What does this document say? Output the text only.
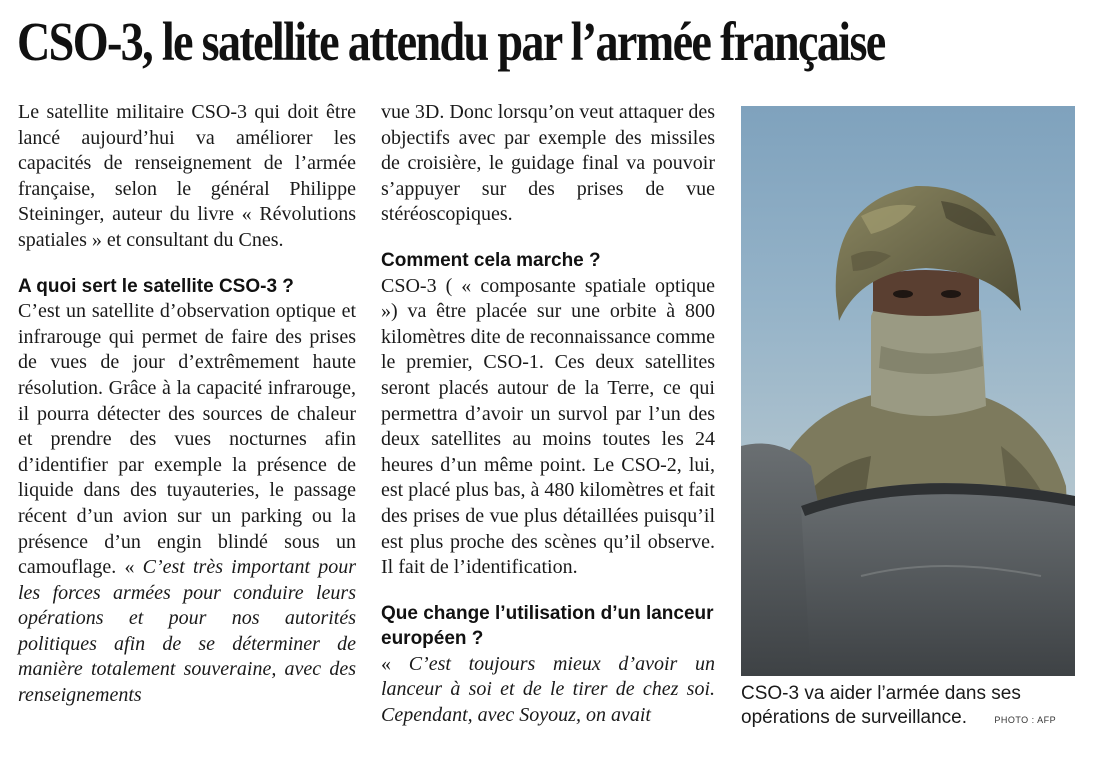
CSO-3, le satellite attendu par l’armée française

Le satellite militaire CSO-3 qui doit être lancé aujourd’hui va améliorer les capacités de renseignement de l’armée française, selon le général Philippe Steininger, auteur du livre « Révolutions spatiales » et consultant du Cnes.

A quoi sert le satellite CSO-3 ?

C’est un satellite d’observation optique et infrarouge qui permet de faire des prises de vues de jour d’extrêmement haute résolution. Grâce à la capacité infrarouge, il pourra détecter des sources de chaleur et prendre des vues nocturnes afin d’identifier par exemple la présence de liquide dans des tuyauteries, le passage récent d’un avion sur un parking ou la présence d’un engin blindé sous un camouflage. « C’est très important pour les forces armées pour conduire leurs opérations et pour nos autorités politiques afin de se déterminer de manière totalement souveraine, avec des renseignements

vue 3D. Donc lorsqu’on veut attaquer des objectifs avec par exemple des missiles de croisière, le guidage final va pouvoir s’appuyer sur des prises de vue stéréoscopiques.

Comment cela marche ?

CSO-3 ( « composante spatiale optique ») va être placée sur une orbite à 800 kilomètres dite de reconnaissance comme le premier, CSO-1. Ces deux satellites seront placés autour de la Terre, ce qui permettra d’avoir un survol par l’un des deux satellites au moins toutes les 24 heures d’un même point. Le CSO-2, lui, est placé plus bas, à 480 kilomètres et fait des prises de vue plus détaillées puisqu’il est plus proche des scènes qu’il observe. Il fait de l’identification.

Que change l’utilisation d’un lanceur européen ?

« C’est toujours mieux d’avoir un lanceur à soi et de le tirer de chez soi. Cependant, avec Soyouz, on avait

CSO-3 va aider l’armée dans ses opérations de surveillance.	PHOTO : AFP
